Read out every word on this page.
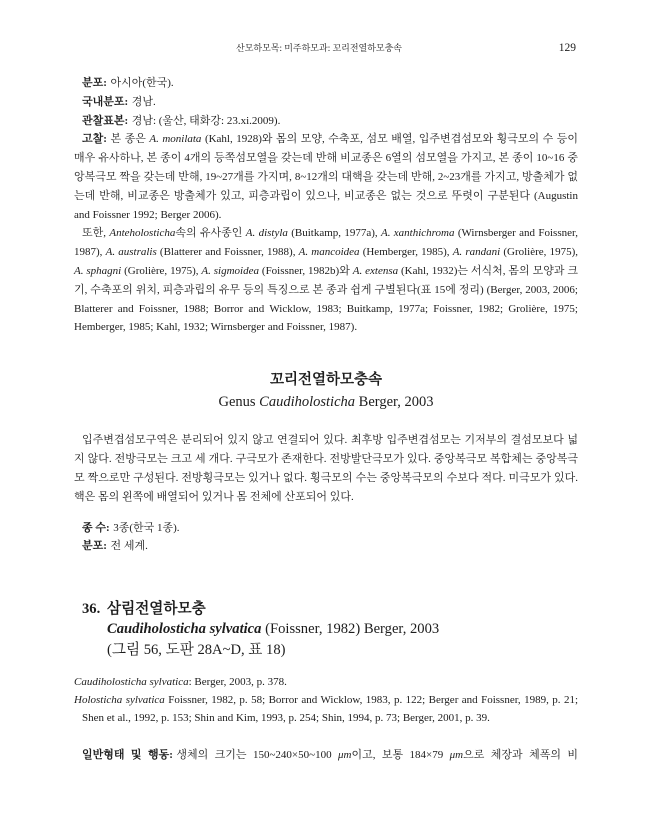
산모하모목: 미주하모과: 꼬리전열하모충속	129

분포: 아시아(한국).

국내분포: 경남.

관찰표본: 경남: (울산, 태화강: 23.xi.2009).

고찰: 본 종은 A. monilata (Kahl, 1928)와 몸의 모양, 수축포, 섬모 배열, 입주변겹섬모와 횡극모의 수 등이 매우 유사하나, 본 종이 4개의 등쪽섬모열을 갖는데 반해 비교종은 6열의 섬모열을 가지고, 본 종이 10~16 중앙복극모 짝을 갖는데 반해, 19~27개를 가지며, 8~12개의 대핵을 갖는데 반해, 2~23개를 가지고, 방출체가 없는데 반해, 비교종은 방출체가 있고, 피층과립이 있으나, 비교종은 없는 것으로 뚜렷이 구분된다 (Augustin and Foissner 1992; Berger 2006).

또한, Anteholosticha속의 유사종인 A. distyla (Buitkamp, 1977a), A. xanthichroma (Wirnsberger and Foissner, 1987), A. australis (Blatterer and Foissner, 1988), A. mancoidea (Hemberger, 1985), A. randani (Grolière, 1975), A. sphagni (Grolière, 1975), A. sigmoidea (Foissner, 1982b)와 A. extensa (Kahl, 1932)는 서식처, 몸의 모양과 크기, 수축포의 위치, 피층과립의 유무 등의 특징으로 본 종과 쉽게 구별된다(표 15에 정리) (Berger, 2003, 2006; Blatterer and Foissner, 1988; Borror and Wicklow, 1983; Buitkamp, 1977a; Foissner, 1982; Grolière, 1975; Hemberger, 1985; Kahl, 1932; Wirnsberger and Foissner, 1987).

꼬리전열하모충속

Genus Caudiholosticha Berger, 2003

입주변겹섬모구역은 분리되어 있지 않고 연결되어 있다. 최후방 입주변겹섬모는 기저부의 결섬모보다 넓지 않다. 전방극모는 크고 세 개다. 구극모가 존재한다. 전방발단극모가 있다. 중앙복극모 복합체는 중앙복극모 짝으로만 구성된다. 전방횡극모는 있거나 없다. 횡극모의 수는 중앙복극모의 수보다 적다. 미극모가 있다. 핵은 몸의 왼쪽에 배열되어 있거나 몸 전체에 산포되어 있다.

종 수: 3종(한국 1종).

분포: 전 세계.

36. 삼림전열하모충
Caudiholosticha sylvatica (Foissner, 1982) Berger, 2003
(그림 56, 도판 28A~D, 표 18)

Caudiholosticha sylvatica: Berger, 2003, p. 378.

Holosticha sylvatica Foissner, 1982, p. 58; Borror and Wicklow, 1983, p. 122; Berger and Foissner, 1989, p. 21; Shen et al., 1992, p. 153; Shin and Kim, 1993, p. 254; Shin, 1994, p. 73; Berger, 2001, p. 39.

일반형태 및 행동: 생체의 크기는 150~240×50~100 μm이고, 보통 184×79 μm으로 체장과 체폭의 비
